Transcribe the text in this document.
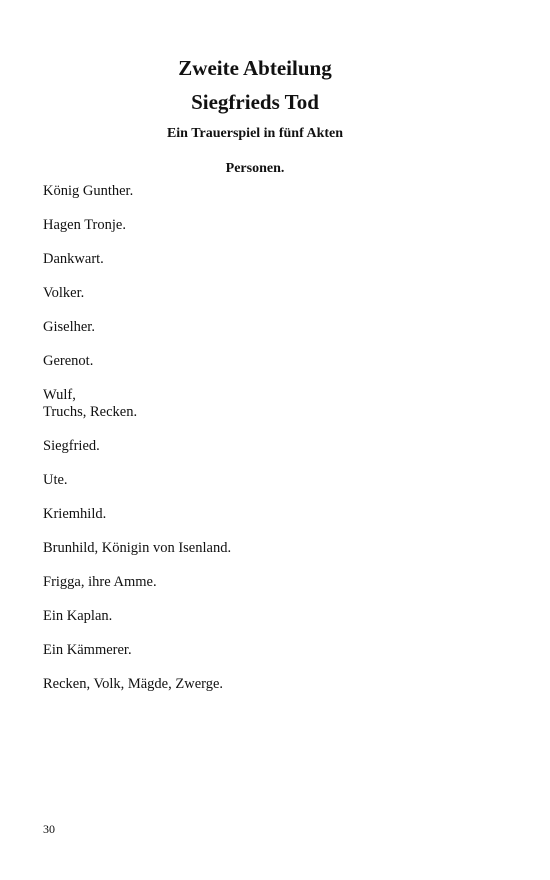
Zweite Abteilung
Siegfrieds Tod
Ein Trauerspiel in fünf Akten
Personen.
König Gunther.
Hagen Tronje.
Dankwart.
Volker.
Giselher.
Gerenot.
Wulf,
Truchs, Recken.
Siegfried.
Ute.
Kriemhild.
Brunhild, Königin von Isenland.
Frigga, ihre Amme.
Ein Kaplan.
Ein Kämmerer.
Recken, Volk, Mägde, Zwerge.
30
